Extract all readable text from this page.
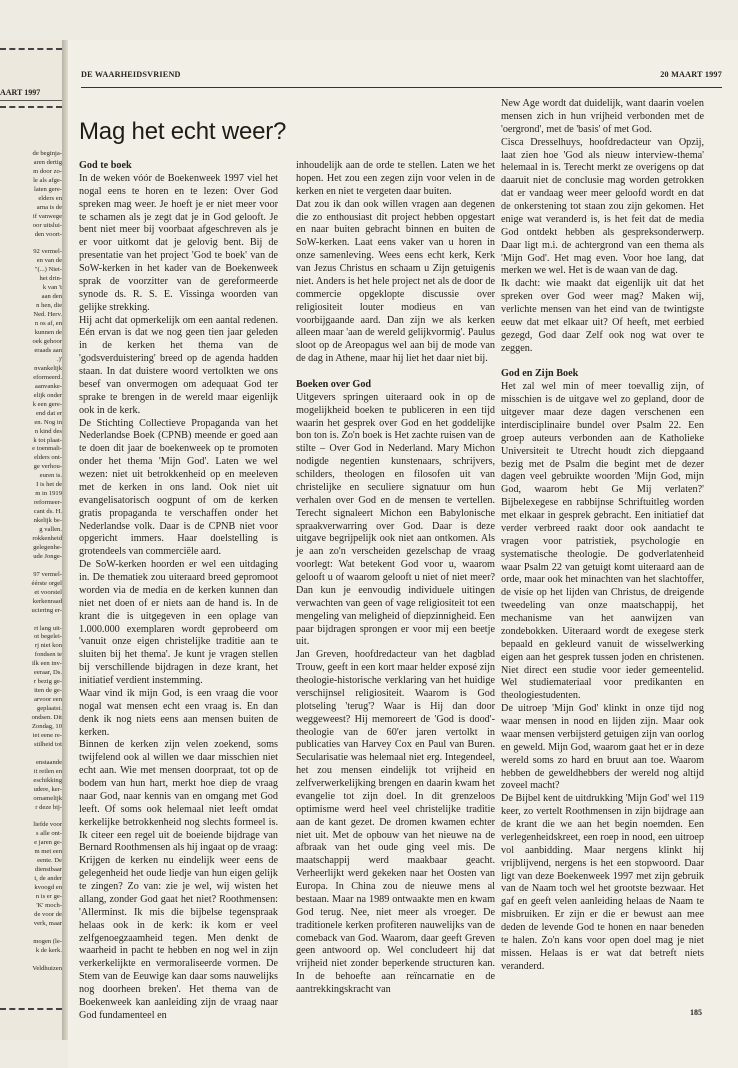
AART 1997
de beginja-
aren dertig
m door zo-
le als afge-
laten gere-
elders en
arna is de
if vanwege
oor uitslui-
den voort-

92 vermel-
en van de
"(...) Niet-
het drin-
k van 't
aan den
n hen, die
Ned. Herv.
n os af, en
kunnen de
oek gehoor
eraads aan
.)'
nvankelijk
eformeerd.
aanvanke-
elijk onder
k een gere-
end dat er
en. Nog in
n kind des
k tot plaat-
e toenmali-
elders ont-
ge verhou-
euren is.
I is het de
m in 1919
reformeer-
cant ds. H.
nkelijk be-
g vallen.
rokkenheid
gelegenhe-
ude Jonge-

97 vermel-
éérste orgel
et voorstel
kerkenraad
uciering er-

rt lang uit-
ot begelei-
rj niet kon
fondsen te
ilk een inv-
eeraar, Ds.
r bezig ge-
iten de ge-
arvoor een
geplaatst.
ondsen. Dit
Zondag, 10
iet eene re-
stilheid tot

enstaande
it reilen en
eschikking
udere, ker-
ornamelijk
r deze bij-

liefde voor
s alle ont-
e jaren ge-
m met een
eente. De
dienstbaar
t, de ander
kvoogd en
n is er ge-
'K' moch-
de voor de
verk, maar

mogen (le-
k de kerk.

Veldhuizen
DE WAARHEIDSVRIEND	20 MAART 1997
Mag het echt weer?

God te boek

In de weken vóór de Boekenweek 1997 viel het nogal eens te horen en te lezen: Over God spreken mag weer. Je hoeft je er niet meer voor te schamen als je zegt dat je in God gelooft. Je bent niet meer bij voorbaat afgeschreven als je er voor uitkomt dat je gelovig bent. Bij de presentatie van het project 'God te boek' van de SoW-kerken in het kader van de Boekenweek sprak de voorzitter van de gereformeerde synode ds. R. S. E. Vissinga woorden van gelijke strekking.

Hij acht dat opmerkelijk om een aantal redenen. Eén ervan is dat we nog geen tien jaar geleden in de kerken het thema van de 'godsverduistering' breed op de agenda hadden staan. In dat duistere woord vertolkten we ons besef van onvermogen om adequaat God ter sprake te brengen in de wereld maar eigenlijk ook in de kerk.

De Stichting Collectieve Propaganda van het Nederlandse Boek (CPNB) meende er goed aan te doen dit jaar de boekenweek op te promoten onder het thema 'Mijn God'. Laten we wel wezen: niet uit betrokkenheid op en meeleven met de kerken in ons land. Ook niet uit evangelisatorisch oogpunt of om de kerken gratis propaganda te verschaffen onder het Nederlandse volk. Daar is de CPNB niet voor opgericht immers. Haar doelstelling is grotendeels van commerciële aard.

De SoW-kerken hoorden er wel een uitdaging in. De thematiek zou uiteraard breed gepromoot worden via de media en de kerken kunnen dan niet net doen of er niets aan de hand is. In de krant die is uitgegeven in een oplage van 1.000.000 exemplaren wordt geprobeerd om 'vanuit onze eigen christelijke traditie aan te sluiten bij het thema'. Je kunt je vragen stellen bij verschillende bijdragen in deze krant, het initiatief verdient instemming.

Waar vind ik mijn God, is een vraag die voor nogal wat mensen echt een vraag is. En dan denk ik nog niets eens aan mensen buiten de kerken.

Binnen de kerken zijn velen zoekend, soms twijfelend ook al willen we daar misschien niet echt aan. Wie met mensen doorpraat, tot op de bodem van hun hart, merkt hoe diep de vraag naar God, naar kennis van en omgang met God leeft. Of soms ook helemaal niet leeft omdat kerkelijke betrokkenheid nog slechts formeel is. Ik citeer een regel uit de boeiende bijdrage van Bernard Roothmensen als hij ingaat op de vraag: Krijgen de kerken nu eindelijk weer eens de gelegenheid het oude liedje van hun eigen gelijk te zingen? Zo van: zie je wel, wij wisten het allang, zonder God gaat het niet? Roothmensen: 'Allerminst. Ik mis die bijbelse tegenspraak helaas ook in de kerk: ik kom er veel zelfgenoegzaamheid tegen. Men denkt de waarheid in pacht te hebben en nog wel in zijn verkerkelijkte en vermoraliseerde vormen. De Stem van de Eeuwige kan daar soms nauwelijks nog doorheen breken'. Het thema van de Boekenweek kan aanleiding zijn de vraag naar God fundamenteel en

inhoudelijk aan de orde te stellen. Laten we het hopen. Het zou een zegen zijn voor velen in de kerken en niet te vergeten daar buiten.

Dat zou ik dan ook willen vragen aan degenen die zo enthousiast dit project hebben opgestart en naar buiten gebracht binnen en buiten de SoW-kerken. Laat eens vaker van u horen in onze samenleving. Wees eens echt kerk, Kerk van Jezus Christus en schaam u Zijn getuigenis niet. Anders is het hele project net als de door de commercie opgeklopte discussie over religiositeit louter modieus en van voorbijgaande aard. Dan zijn we als kerken alleen maar 'aan de wereld gelijkvormig'. Paulus sloot op de Areopagus wel aan bij de mode van de dag in Athene, maar hij liet het daar niet bij.

Boeken over God

Uitgevers springen uiteraard ook in op de mogelijkheid boeken te publiceren in een tijd waarin het gesprek over God en het goddelijke bon ton is. Zo'n boek is Het zachte ruisen van de stilte – Over God in Nederland. Mary Michon nodigde negentien kunstenaars, schrijvers, schilders, theologen en filosofen uit van christelijke en seculiere signatuur om hun verhalen over God en de mensen te vertellen. Terecht signaleert Michon een Babylonische spraakverwarring over God. Daar is deze uitgave begrijpelijk ook niet aan ontkomen. Als je aan zo'n verscheiden gezelschap de vraag voorlegt: Wat betekent God voor u, waarom gelooft u of waarom gelooft u niet of niet meer? Dan kun je eenvoudig individuele uitingen verwachten van geen of vage religiositeit tot een mengeling van meligheid of diepzinnigheid. Een paar bijdragen sprongen er voor mij een beetje uit.

Jan Greven, hoofdredacteur van het dagblad Trouw, geeft in een kort maar helder exposé zijn theologie-historische verklaring van het huidige verschijnsel religiositeit. Waarom is God plotseling 'terug'? Waar is Hij dan door weggeweest? Hij memoreert de 'God is dood'-theologie van de 60'er jaren vertolkt in publicaties van Harvey Cox en Paul van Buren. Secularisatie was helemaal niet erg. Integendeel, het zou mensen eindelijk tot vrijheid en zelfverwerkelijking brengen en daarin kwam het evangelie tot zijn doel. In dit grenzeloos optimisme werd heel veel christelijke traditie aan de kant gezet. De dromen kwamen echter niet uit. Met de opbouw van het nieuwe na de afbraak van het oude ging veel mis. De maatschappij werd maakbaar geacht. Verheerlijkt werd gekeken naar het Oosten van Europa. In China zou de nieuwe mens al bestaan. Maar na 1989 ontwaakte men en kwam God terug. Nee, niet meer als vroeger. De traditionele kerken profiteren nauwelijks van de comeback van God. Waarom, daar geeft Greven geen antwoord op. Wel concludeert hij dat vrijheid niet zonder beperkende structuren kan. In de behoefte aan reïncarnatie en de aantrekkingskracht van

New Age wordt dat duidelijk, want daarin voelen mensen zich in hun vrijheid verbonden met de 'oergrond', met de 'basis' of met God.

Cisca Dresselhuys, hoofdredacteur van Opzij, laat zien hoe 'God als nieuw interview-thema' helemaal in is. Terecht merkt ze overigens op dat daaruit niet de conclusie mag worden getrokken dat er vandaag weer meer geloofd wordt en dat de onkerstening tot staan zou zijn gekomen. Het enige wat veranderd is, is het feit dat de media God ontdekt hebben als gespreksonderwerp. Daar ligt m.i. de achtergrond van een thema als 'Mijn God'. Het mag even. Voor hoe lang, dat merken we wel. Het is de waan van de dag.

Ik dacht: wie maakt dat eigenlijk uit dat het spreken over God weer mag? Maken wij, verlichte mensen van het eind van de twintigste eeuw dat met elkaar uit? Of heeft, met eerbied gezegd, God daar Zelf ook nog wat over te zeggen.

God en Zijn Boek

Het zal wel min of meer toevallig zijn, of misschien is de uitgave wel zo gepland, door de uitgever maar deze dagen verschenen een interdisciplinaire bundel over Psalm 22. Een groep auteurs verbonden aan de Katholieke Universiteit te Utrecht houdt zich diepgaand bezig met de Psalm die begint met de dezer dagen veel gebruikte woorden 'Mijn God, mijn God, waarom hebt Ge Mij verlaten?' Bijbelexegese en rabbijnse Schriftuitleg worden met elkaar in gesprek gebracht. Een initiatief dat verder verbreed raakt door ook aandacht te vragen voor patristiek, psychologie en systematische theologie. De godverlatenheid waar Psalm 22 van getuigt komt uiteraard aan de orde, maar ook het minachten van het slachtoffer, de visie op het lijden van Christus, de dreigende tweedeling van onze maatschappij, het mechanisme van het aanwijzen van zondebokken. Uiteraard wordt de exegese sterk bepaald en gekleurd vanuit de wisselwerking eigen aan het gesprek tussen joden en christenen. Niet direct een studie voor ieder gemeentelid. Wel studiemateriaal voor predikanten en theologiestudenten.

De uitroep 'Mijn God' klinkt in onze tijd nog waar mensen in nood en lijden zijn. Maar ook waar mensen verbijsterd getuigen zijn van oorlog en geweld. Mijn God, waarom gaat het er in deze wereld soms zo hard en bruut aan toe. Waarom hebben de geweldhebbers der wereld nog altijd zoveel macht?

De Bijbel kent de uitdrukking 'Mijn God' wel 119 keer, zo vertelt Roothmensen in zijn bijdrage aan de krant die we aan het begin noemden. Een verlegenheidskreet, een roep in nood, een uitroep vol aanbidding. Maar nergens klinkt hij vrijblijvend, nergens is het een stopwoord. Daar ligt van deze Boekenweek 1997 met zijn gebruik van de Naam toch wel het grootste bezwaar. Het gaf en geeft velen aanleiding helaas de Naam te misbruiken. Er zijn er die er bewust aan mee deden de levende God te honen en naar beneden te halen. Zo'n kans voor open doel mag je niet missen. Helaas is er wat dat betreft niets veranderd.

185
